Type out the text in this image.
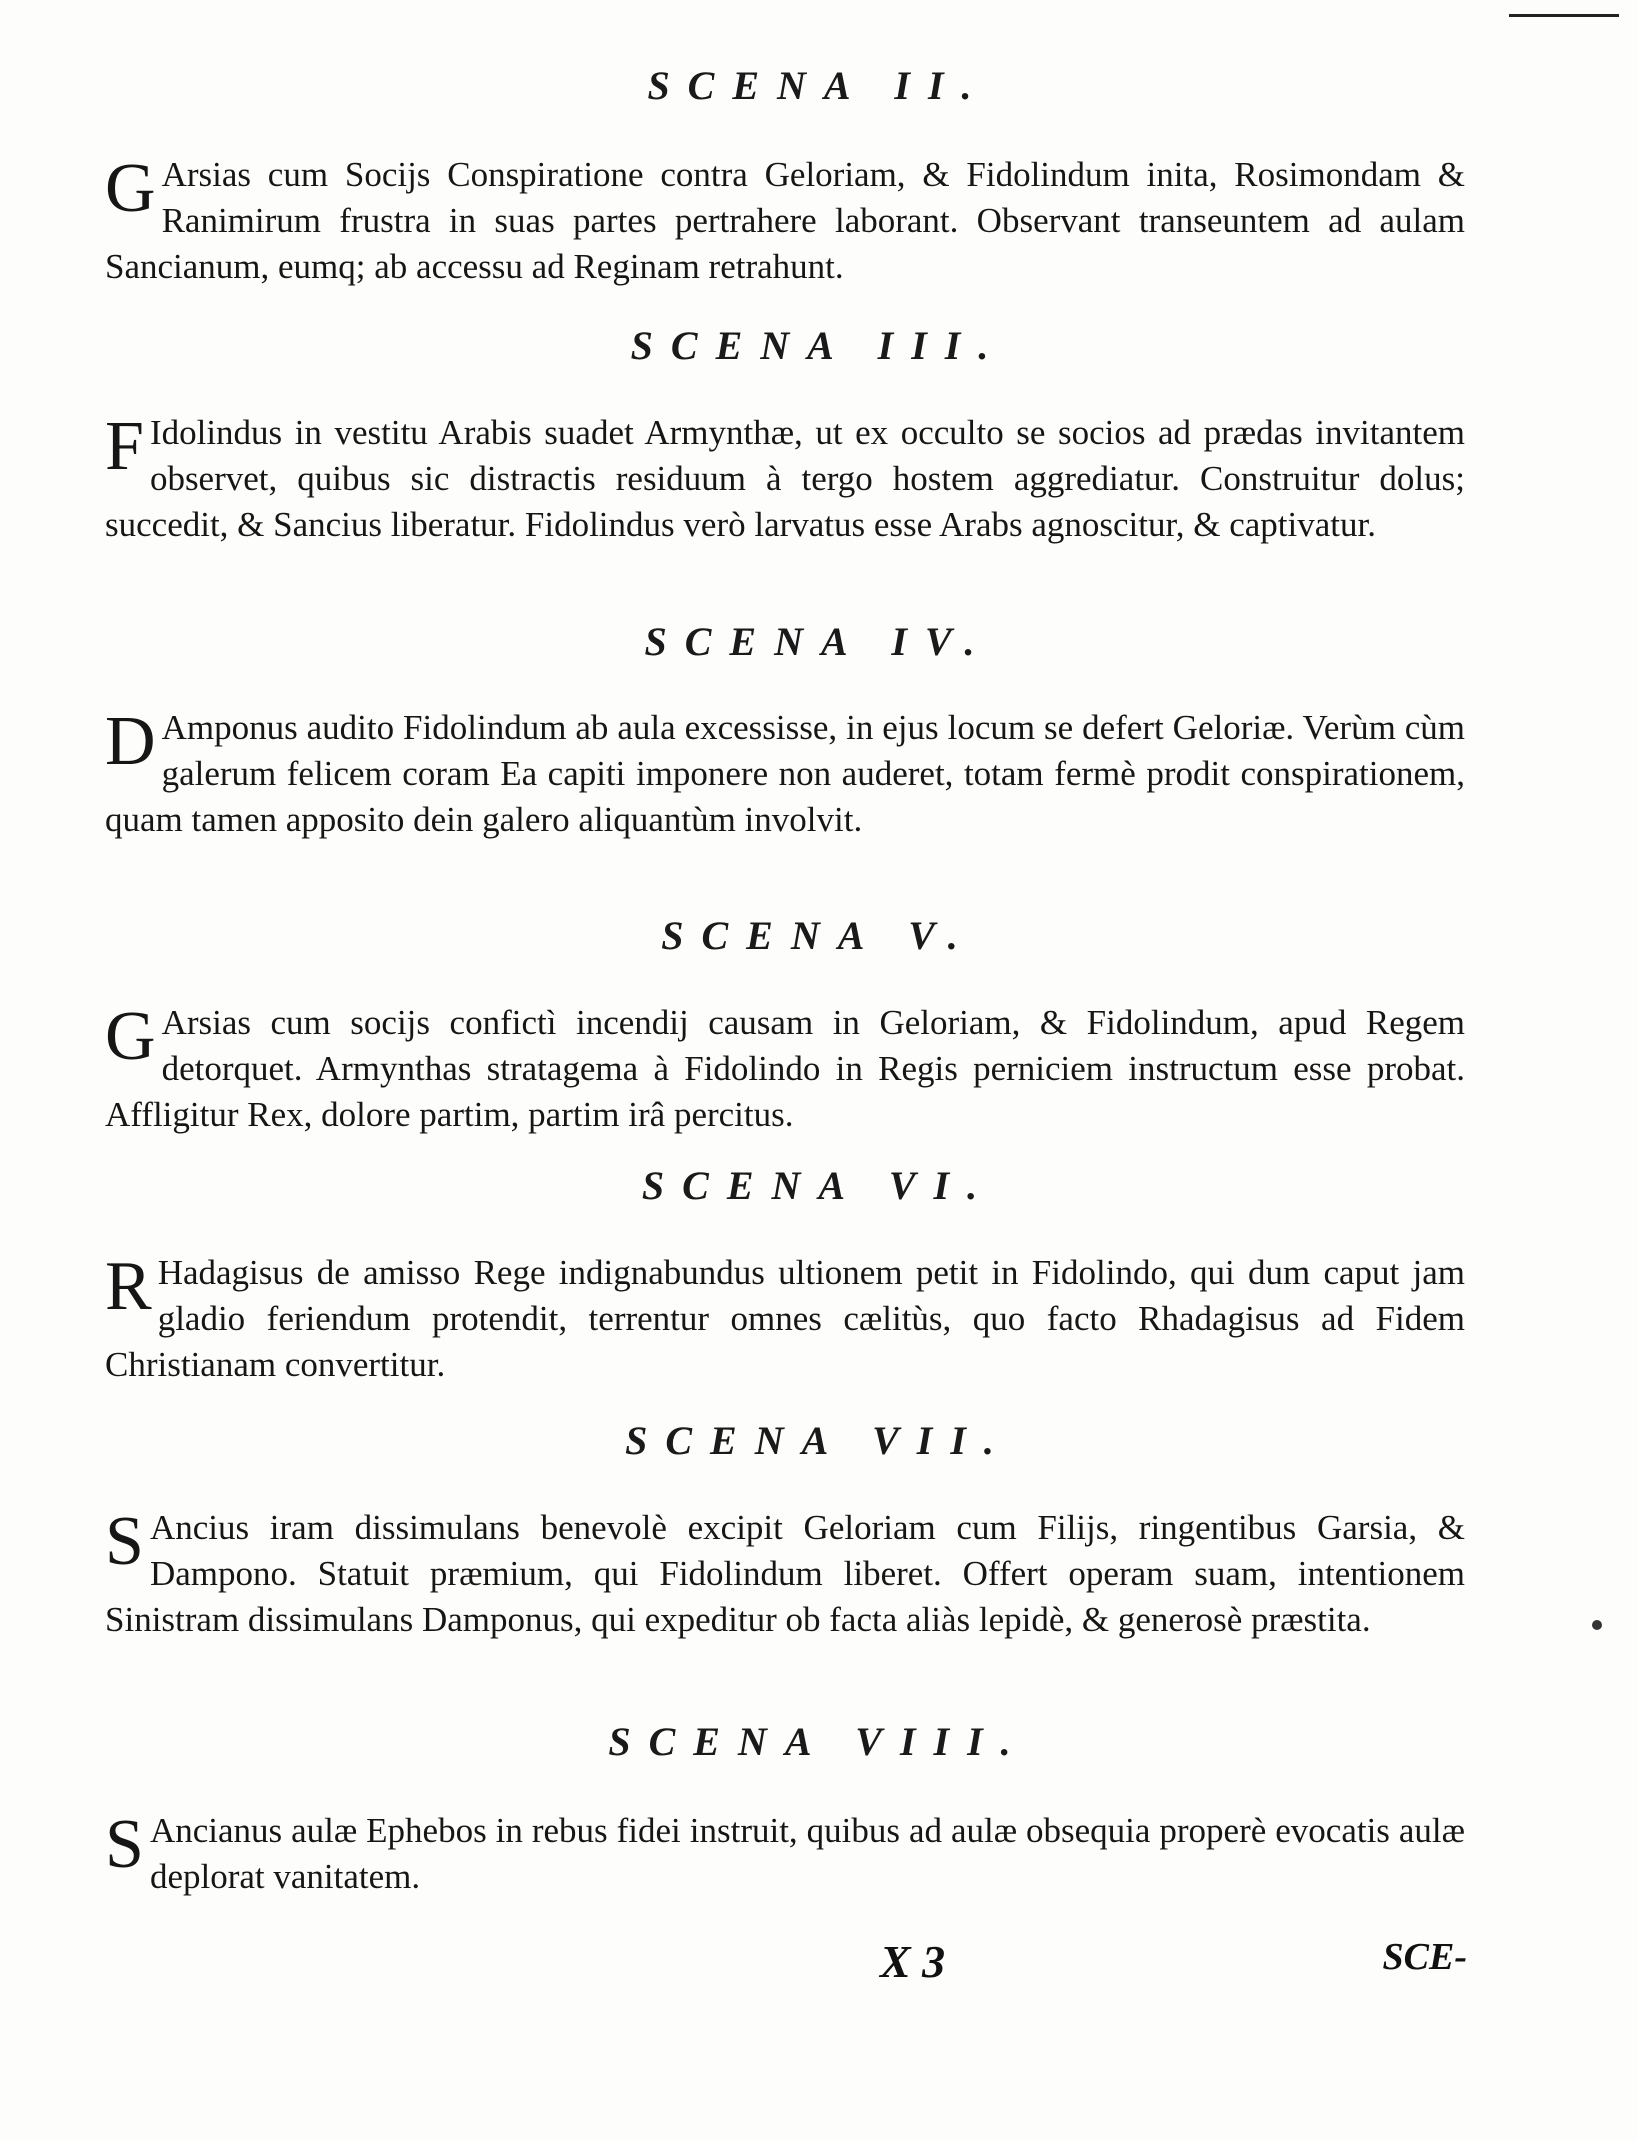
SCENA II.
G Arsias cum Socijs Conspiratione contra Geloriam, & Fidolindum inita, Rosimondam & Ranimirum frustra in suas partes pertrahere laborant. Observant transeuntem ad aulam Sancianum, eumq; ab accessu ad Reginam retrahunt.
SCENA III.
F Idolindus in vestitu Arabis suadet Armynthæ, ut ex occulto se socios ad prædas invitantem observet, quibus sic distractis residuum à tergo hostem aggrediatur. Construitur dolus; succedit, & Sancius liberatur. Fidolindus verò larvatus esse Arabs agnoscitur, & captivatur.
SCENA IV.
D Amponus audito Fidolindum ab aula excessisse, in ejus locum se defert Geloriæ. Verùm cùm galerum felicem coram Ea capiti imponere non auderet, totam fermè prodit conspirationem, quam tamen apposito dein galero aliquantùm involvit.
SCENA V.
G Arsias cum socijs confictì incendij causam in Geloriam, & Fidolindum, apud Regem detorquet. Armynthas stratagema à Fidolindo in Regis perniciem instructum esse probat. Affligitur Rex, dolore partim, partim irâ percitus.
SCENA VI.
R Hadagisus de amisso Rege indignabundus ultionem petit in Fidolindo, qui dum caput jam gladio feriendum protendit, terrentur omnes cælitùs, quo facto Rhadagisus ad Fidem Christianam convertitur.
SCENA VII.
S Ancius iram dissimulans benevolè excipit Geloriam cum Filijs, ringentibus Garsia, & Dampono. Statuit præmium, qui Fidolindum liberet. Offert operam suam, intentionem Sinistram dissimulans Damponus, qui expeditur ob facta aliàs lepidè, & generosè præstita.
SCENA VIII.
S Ancianus aulæ Ephebos in rebus fidei instruit, quibus ad aulæ obsequia properè evocatis aulæ deplorat vanitatem.
X 3	SCE-
